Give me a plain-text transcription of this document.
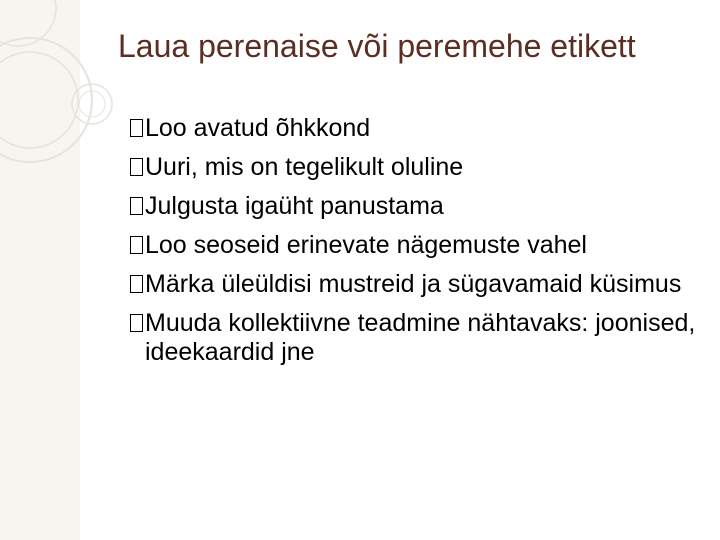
Laua perenaise või peremehe etikett
Loo avatud õhkkond
Uuri, mis on tegelikult oluline
Julgusta igaüht panustama
Loo seoseid erinevate nägemuste vahel
Märka üleüldisi mustreid ja sügavamaid küsimus
Muuda kollektiivne teadmine nähtavaks: joonised, ideekaardid jne
